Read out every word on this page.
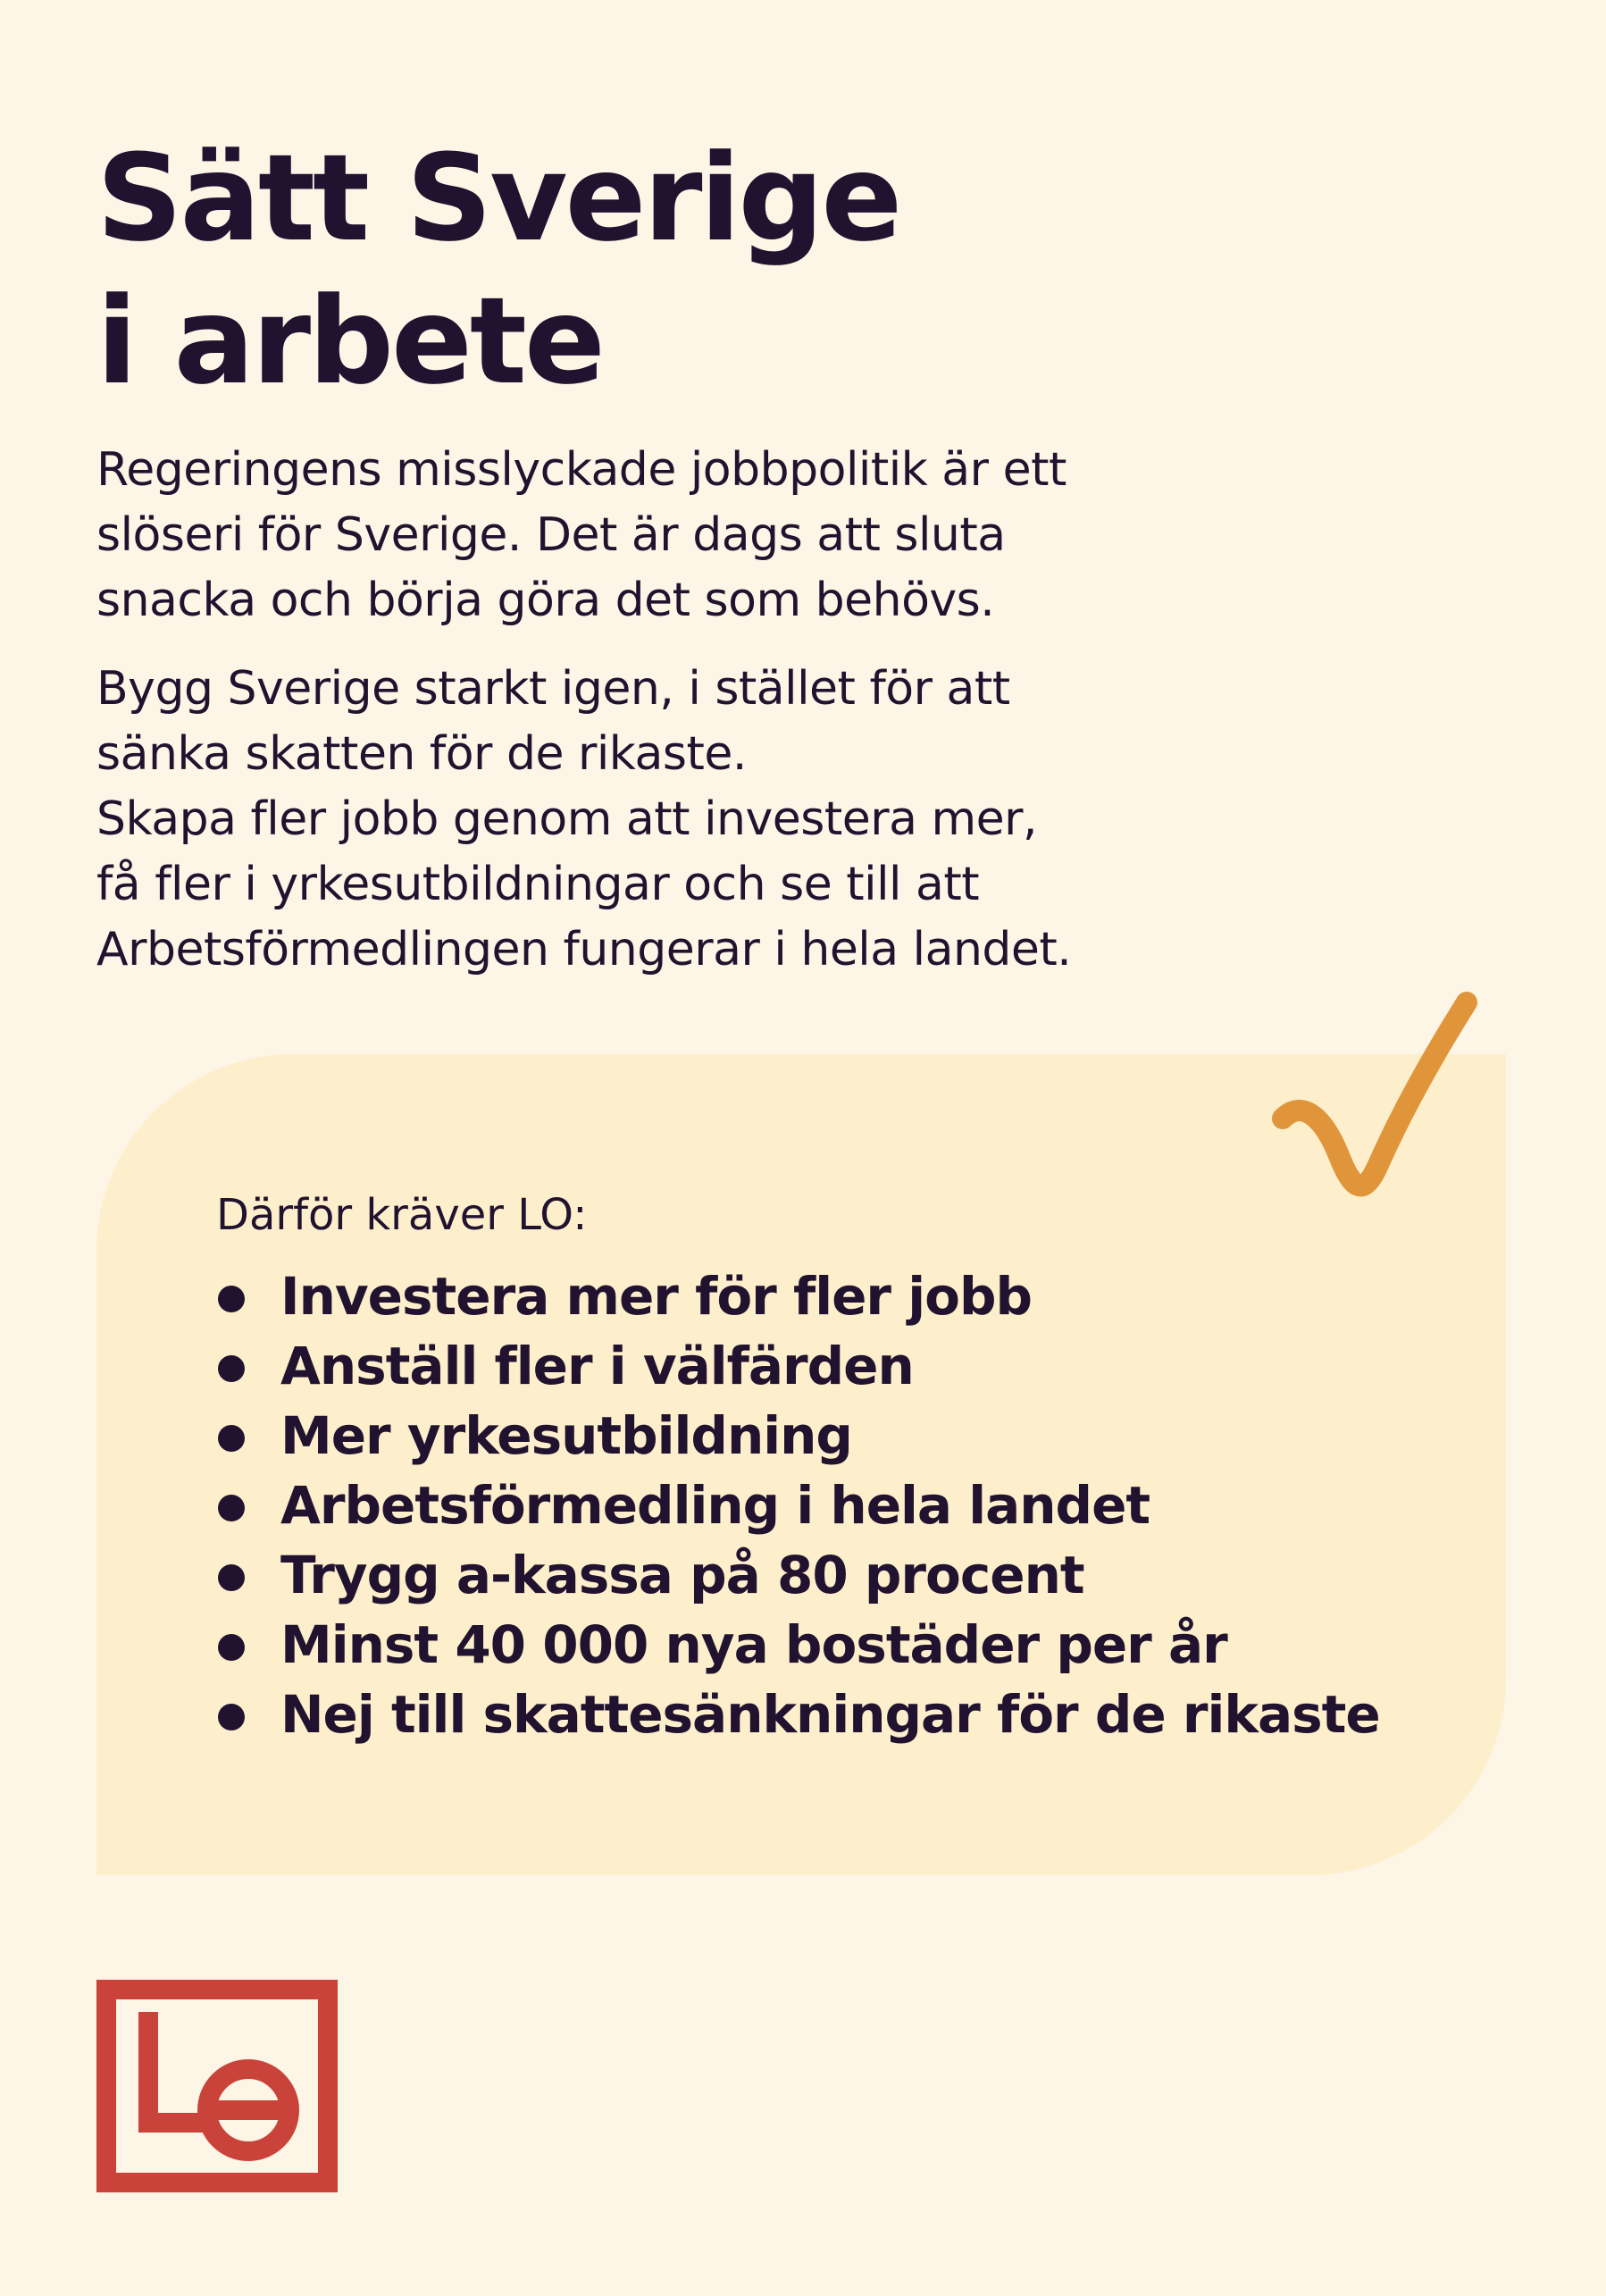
Sätt Sverige
i arbete

Regeringens misslyckade jobbpolitik är ett
slöseri för Sverige. Det är dags att sluta
snacka och börja göra det som behövs.

Bygg Sverige starkt igen, i stället för att
sänka skatten för de rikaste.
Skapa fler jobb genom att investera mer,
få fler i yrkesutbildningar och se till att
Arbetsförmedlingen fungerar i hela landet.

Därför kräver LO:
Investera mer för fler jobb
Anställ fler i välfärden
Mer yrkesutbildning
Arbetsförmedling i hela landet
Trygg a-kassa på 80 procent
Minst 40 000 nya bostäder per år
Nej till skattesänkningar för de rikaste
